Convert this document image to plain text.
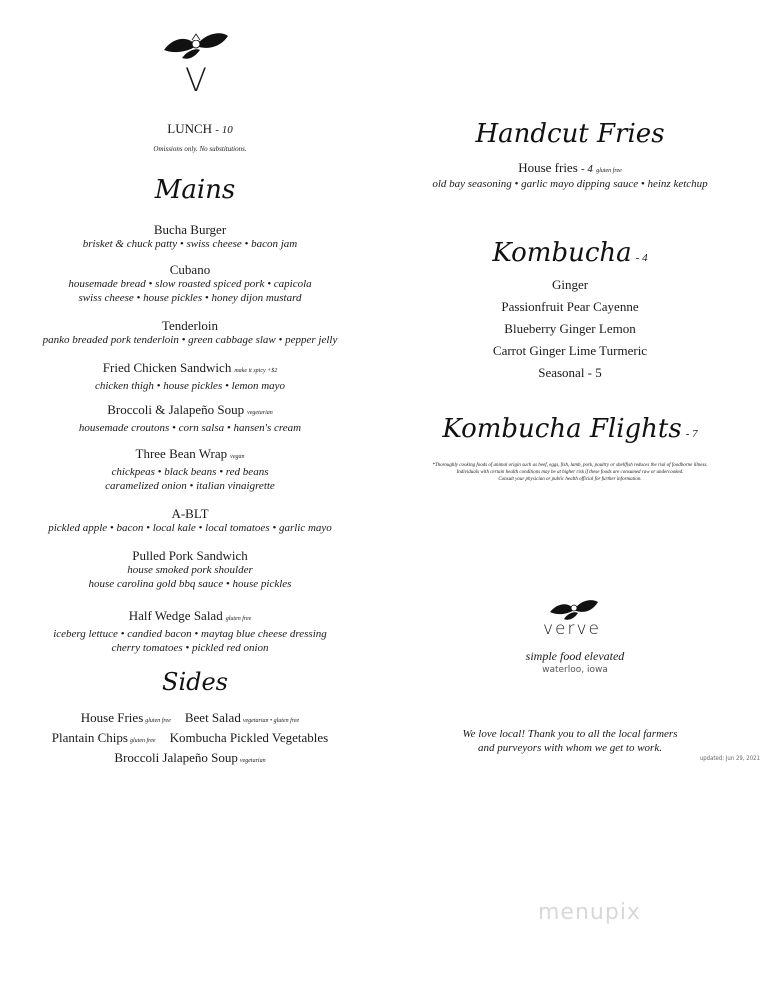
V
LUNCH - 10
Omissions only. No substitutions.
Mains
Bucha Burger
brisket & chuck patty • swiss cheese • bacon jam
Cubano
housemade bread • slow roasted spiced pork • capicola
swiss cheese • house pickles • honey dijon mustard
Tenderloin
panko breaded pork tenderloin • green cabbage slaw • pepper jelly
Fried Chicken Sandwich make it spicy +$2
chicken thigh • house pickles • lemon mayo
Broccoli & Jalapeño Soup vegetarian
housemade croutons • corn salsa • hansen's cream
Three Bean Wrap vegan
chickpeas • black beans • red beans
caramelized onion • italian vinaigrette
A-BLT
pickled apple • bacon • local kale • local tomatoes • garlic mayo
Pulled Pork Sandwich
house smoked pork shoulder
house carolina gold bbq sauce • house pickles
Half Wedge Salad gluten free
iceberg lettuce • candied bacon • maytag blue cheese dressing
cherry tomatoes • pickled red onion
Sides
House Fries gluten free Beet Salad vegetarian • gluten free
Plantain Chips gluten free Kombucha Pickled Vegetables
Broccoli Jalapeño Soup vegetarian
Handcut Fries
House fries - 4 gluten free
old bay seasoning • garlic mayo dipping sauce • heinz ketchup
Kombucha - 4
Ginger
Passionfruit Pear Cayenne
Blueberry Ginger Lemon
Carrot Ginger Lime Turmeric
Seasonal - 5
Kombucha Flights - 7
*Thoroughly cooking foods of animal origin such as beef, eggs, fish, lamb, pork, poultry or shellfish reduces the risk of foodborne illness.
Individuals with certain health conditions may be at higher risk if these foods are consumed raw or undercooked.
Consult your physician or public health official for further information.
verve
simple food elevated
waterloo, iowa
We love local! Thank you to all the local farmers
and purveyors with whom we get to work.
updated: Jun 29, 2021
menupix
